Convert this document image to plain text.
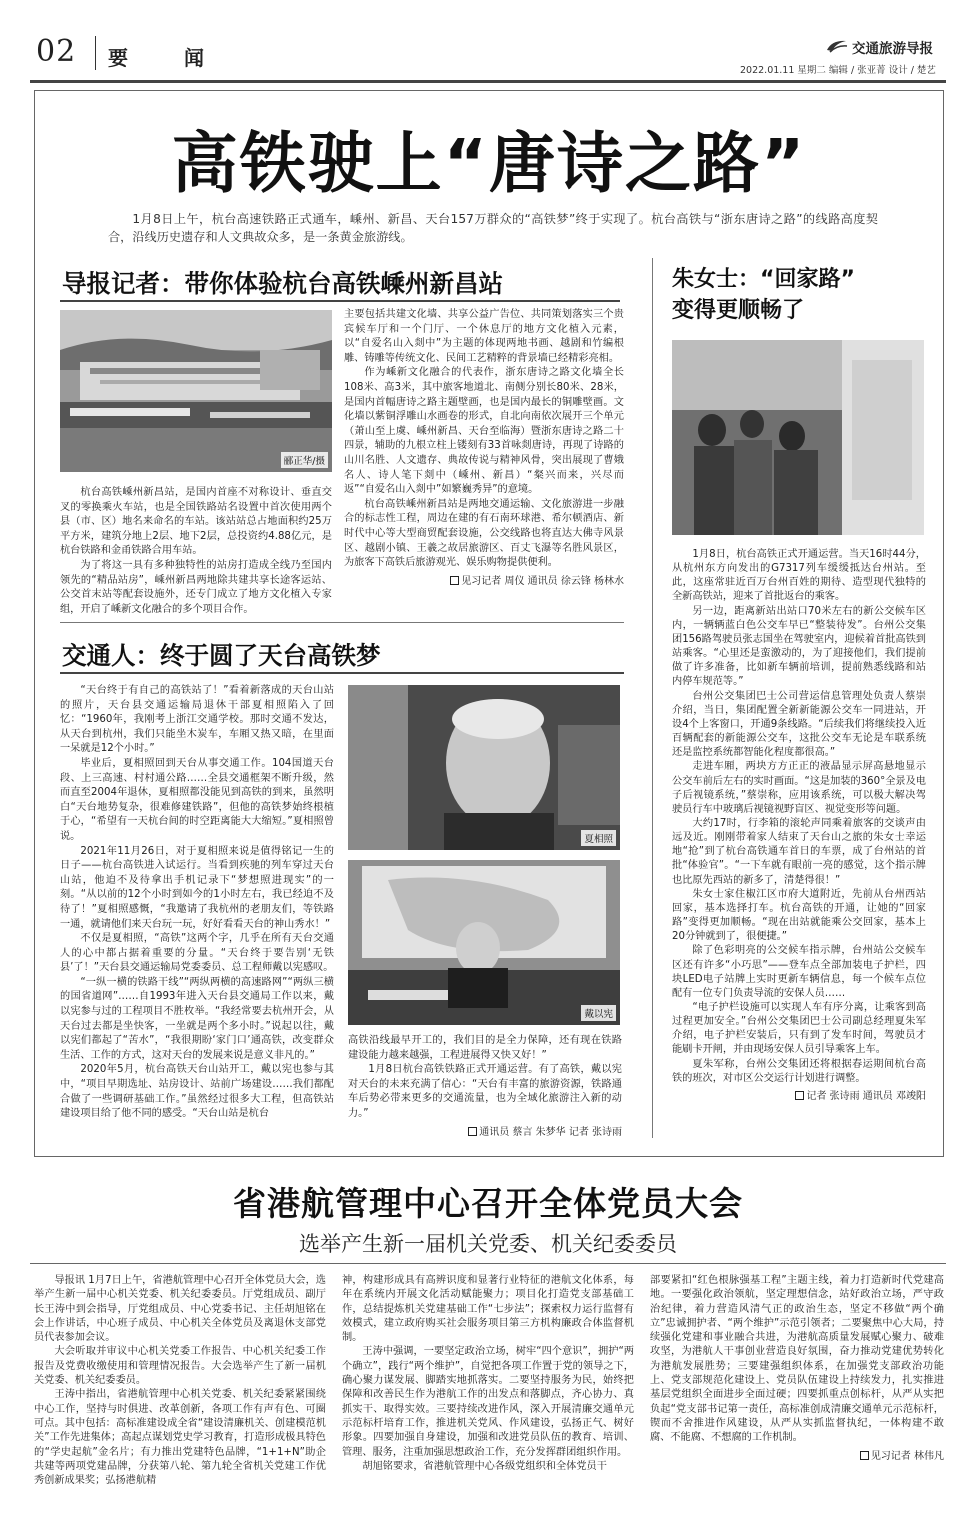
02 要　闻	交通旅游导报
2022.01.11 星期二 编辑 / 张亚菁 设计 / 楚艺
高铁驶上“唐诗之路”
1月8日上午，杭台高速铁路正式通车，嵊州、新昌、天台157万群众的“高铁梦”终于实现了。杭台高铁与“浙东唐诗之路”的线路高度契合，沿线历史遗存和人文典故众多，是一条黄金旅游线。
导报记者：带你体验杭台高铁嵊州新昌站
郦正华/摄

杭台高铁嵊州新昌站，是国内首座不对称设计、垂直交叉的零换乘火车站，也是全国铁路站名设置中首次使用两个县（市、区）地名来命名的车站。该站站总占地面积约25万平方米，建筑分地上2层、地下2层，总投资约4.88亿元，是杭台铁路和金甬铁路合用车站。

为了将这一具有多种独特性的站房打造成全线乃至国内领先的“精品站房”，嵊州新昌两地除共建共享长途客运站、公交首末站等配套设施外，还专门成立了地方文化植入专家组，开启了嵊新文化融合的多个项目合作。

主要包括共建文化墙、共享公益广告位、共同策划落实三个贵宾候车厅和一个门厅、一个休息厅的地方文化植入元素，以“自爱名山入剡中”为主题的体现两地书画、越剧和竹编根雕、铸雕等传统文化、民间工艺精粹的背景墙已经精彩亮相。

作为嵊新文化融合的代表作，浙东唐诗之路文化墙全长108米、高3米，其中旅客地道北、南侧分别长80米、28米，是国内首幅唐诗之路主题壁画，也是国内最长的铜雕壁画。文化墙以紫铜浮雕山水画卷的形式，自北向南依次展开三个单元（萧山至上虞、嵊州新昌、天台至临海）暨浙东唐诗之路二十四景，辅助的九根立柱上镂刻有33首咏剡唐诗，再现了诗路的山川名胜、人文遗存、典故传说与精神风骨，突出展现了曹娥名人、诗人笔下剡中（嵊州、新昌）“粲兴而来，兴尽而返”“自爱名山入剡中”如繁巍秀异”的意境。

杭台高铁嵊州新昌站是两地交通运输、文化旅游进一步融合的标志性工程，周边在建的有石南环球港、希尔顿酒店、新时代中心等大型商贸配套设施，公交线路也将直达大佛寺风景区、越剧小镇、王羲之故居旅游区、百丈飞瀑等名胜风景区，为旅客下高铁后旅游观光、娱乐购物提供便利。

见习记者 周仪 通讯员 徐云锋 杨林水
交通人：终于圆了天台高铁梦

“天台终于有自己的高铁站了！”看着新落成的天台山站的照片，天台县交通运输局退休干部夏相照陷入了回忆：“1960年，我刚考上浙江交通学校。那时交通不发达，从天台到杭州，我们只能坐木炭车，车厢又热又暗，在里面一呆就是12个小时。”

毕业后，夏相照回到天台从事交通工作。104国道天台段、上三高速、村村通公路……全县交通框架不断升级，然而直至2004年退休，夏相照都没能见到高铁的到来，虽然明白“天台地势复杂，很难修建铁路”，但他的高铁梦始终根植于心，“希望有一天杭台间的时空距离能大大缩短。”夏相照曾说。

2021年11月26日，对于夏相照来说是值得铭记一生的日子——杭台高铁进入试运行。当看到疾驰的列车穿过天台山站，他迫不及待拿出手机记录下“梦想照进现实”的一刻。“从以前的12个小时到如今的1小时左右，我已经迫不及待了！”夏相照感慨，“我邀请了我杭州的老朋友们，等铁路一通，就请他们来天台玩一玩，好好看看天台的神山秀水！”

不仅是夏相照，“高铁”这两个字，几乎在所有天台交通人的心中都占据着重要的分量。“天台终于要告别‘无铁县’了！”天台县交通运输局党委委员、总工程师戴以宪感叹。

“一纵一横的铁路干线”“两纵两横的高速路网”“两纵三横的国省道网”……自1993年进入天台县交通局工作以来，戴以宪参与过的工程项目不胜枚举。“我经常要去杭州开会，从天台过去都是坐快客，一坐就是两个多小时。”说起以往，戴以宪们都起了“苦水”，“我很期盼‘家门口’通高铁，改变群众生活、工作的方式，这对天台的发展来说是意义非凡的。”

2020年5月，杭台高铁天台山站开工，戴以宪也参与其中，“项目早期选址、站房设计、站前广场建设……我们都配合做了一些调研基础工作。”虽然经过很多大工程，但高铁站建设项目给了他不同的感受。“天台山站是杭台

夏相照
戴以宪

高铁沿线最早开工的，我们目的是全力保障，还有现在铁路建设能力越来越强，工程进展得又快又好！”

1月8日杭台高铁铁路正式开通运营。有了高铁，戴以宪对天台的未来充满了信心：“天台有丰富的旅游资源，铁路通车后势必带来更多的交通流量，也为全域化旅游注入新的动力。”

通讯员 蔡言 朱梦华 记者 张诗雨
朱女士：“回家路”
变得更顺畅了

1月8日，杭台高铁正式开通运营。当天16时44分，从杭州东方向发出的G7317列车缓缓抵达台州站。至此，这座常驻近百万台州百姓的期待、造型现代独特的全新高铁站，迎来了首批返台的乘客。

另一边，距离新站出站口70米左右的新公交候车区内，一辆辆蓝白色公交车早已“整装待发”。台州公交集团156路驾驶员张志国坐在驾驶室内，迎候着首批高铁到站乘客。“心里还是蛮激动的，为了迎接他们，我们提前做了许多准备，比如新车辆前培训，提前熟悉线路和站内停车规范等。”

台州公交集团巴士公司营运信息管理处负责人蔡崇介绍，当日，集团配置全新新能源公交车一同进站，开设4个上客窗口，开通9条线路。“后续我们将继续投入近百辆配套的新能源公交车，这批公交车无论是车联系统还是监控系统都智能化程度都很高。”

走进车厢，两块方方正正的液晶显示屏高悬地显示公交车前后左右的实时画面。“这是加装的360°全景及电子后视镜系统，”蔡崇称，应用该系统，可以极大解决驾驶员行车中玻璃后视镜视野盲区、视觉变形等问题。

大约17时，行李箱的滚轮声同乘着旅客的交谈声由远及近。刚刚带着家人结束了天台山之旅的朱女士幸运地“抢”到了杭台高铁通车首日的车票，成了台州站的首批“体验官”。“一下车就有眼前一亮的感觉，这个指示牌也比原先西站的新多了，清楚得很！”

朱女士家住椒江区市府大道附近，先前从台州西站回家，基本选择打车。杭台高铁的开通，让她的“回家路”变得更加顺畅。“现在出站就能乘公交回家，基本上20分钟就到了，很便捷。”

除了色彩明亮的公交候车指示牌，台州站公交候车区还有许多“小巧思”——登车点全部加装电子护栏，四块LED电子站牌上实时更新车辆信息，每一个候车点位配有一位专门负责导流的安保人员……

“电子护栏设施可以实现人车有序分离，让乘客到高过程更加安全。”台州公交集团巴士公司副总经理夏朱军介绍，电子护栏安装后，只有到了发车时间，驾驶员才能刷卡开闸，并由现场安保人员引导乘客上车。

夏朱军称，台州公交集团还将根据春运期间杭台高铁的班次，对市区公交运行计划进行调整。

记者 张诗雨 通讯员 邓竣阳
省港航管理中心召开全体党员大会
选举产生新一届机关党委、机关纪委委员

导报讯 1月7日上午，省港航管理中心召开全体党员大会，选举产生新一届中心机关党委、机关纪委委员。厅党组成员、副厅长王涛中到会指导，厅党组成员、中心党委书记、主任胡旭铭在会上作讲话，中心班子成员、中心机关全体党员及离退休支部党员代表参加会议。

大会听取并审议中心机关党委工作报告、中心机关纪委工作报告及党费收缴使用和管理情况报告。大会选举产生了新一届机关党委、机关纪委委员。

王涛中指出，省港航管理中心机关党委、机关纪委紧紧围绕中心工作，坚持与时俱进、改革创新，各项工作有声有色、可圈可点。其中包括：高标准建设成全省“建设清廉机关、创建模范机关”工作先进集体；高起点谋划党史学习教育，打造形成极具特色的“学史起航”金名片；有力推出党建特色品牌，“1+1+N”助企共建等两项党建品牌，分获第八轮、第九轮全省机关党建工作优秀创新成果奖；弘扬港航精

神，构建形成具有高辨识度和显著行业特征的港航文化体系，每年在系统内开展文化活动赋能聚力；项目化打造党支部基础工作，总结提炼机关党建基础工作“七步法”；探索权力运行监督有效模式，建立政府购买社会服务项目第三方机构廉政合体监督机制。

王涛中强调，一要坚定政治立场，树牢“四个意识”，拥护“两个确立”，践行“两个维护”，自觉把各项工作置于党的领导之下，确心聚力谋发展、脚踏实地抓落实。二要坚持服务为民，始终把保障和改善民生作为港航工作的出发点和落脚点，齐心协力、真抓实干、取得实效。三要持续改进作风，深入开展清廉交通单元示范标杆培育工作，推进机关党风、作风建设，弘扬正气、树好形象。四要加强自身建设，加强和改进党员队伍的教育、培训、管理、服务，注重加强思想政治工作，充分发挥群团组织作用。

胡旭铭要求，省港航管理中心各级党组织和全体党员干

部要紧扣“红色根脉强基工程”主题主线，着力打造新时代党建高地。一要强化政治领航，坚定理想信念，站好政治立场，严守政治纪律，着力营造风清气正的政治生态，坚定不移做“两个确立”忠诚拥护者、“两个维护”示范引领者；二要聚焦中心大局，持续强化党建和事业融合共进，为港航高质量发展赋心聚力、破难攻坚，为港航人干事创业营造良好氛围，奋力推动党建优势转化为港航发展胜势；三要建强组织体系，在加强党支部政治功能上、党支部规范化建设上、党员队伍建设上持续发力，扎实推进基层党组织全面进步全面过硬；四要抓重点创标杆，从严从实把负起“党支部书记第一责任，高标准创成清廉交通单元示范标杆，锲而不舍推进作风建设，从严从实抓监督执纪，一体构建不敢腐、不能腐、不想腐的工作机制。

见习记者 林伟凡
